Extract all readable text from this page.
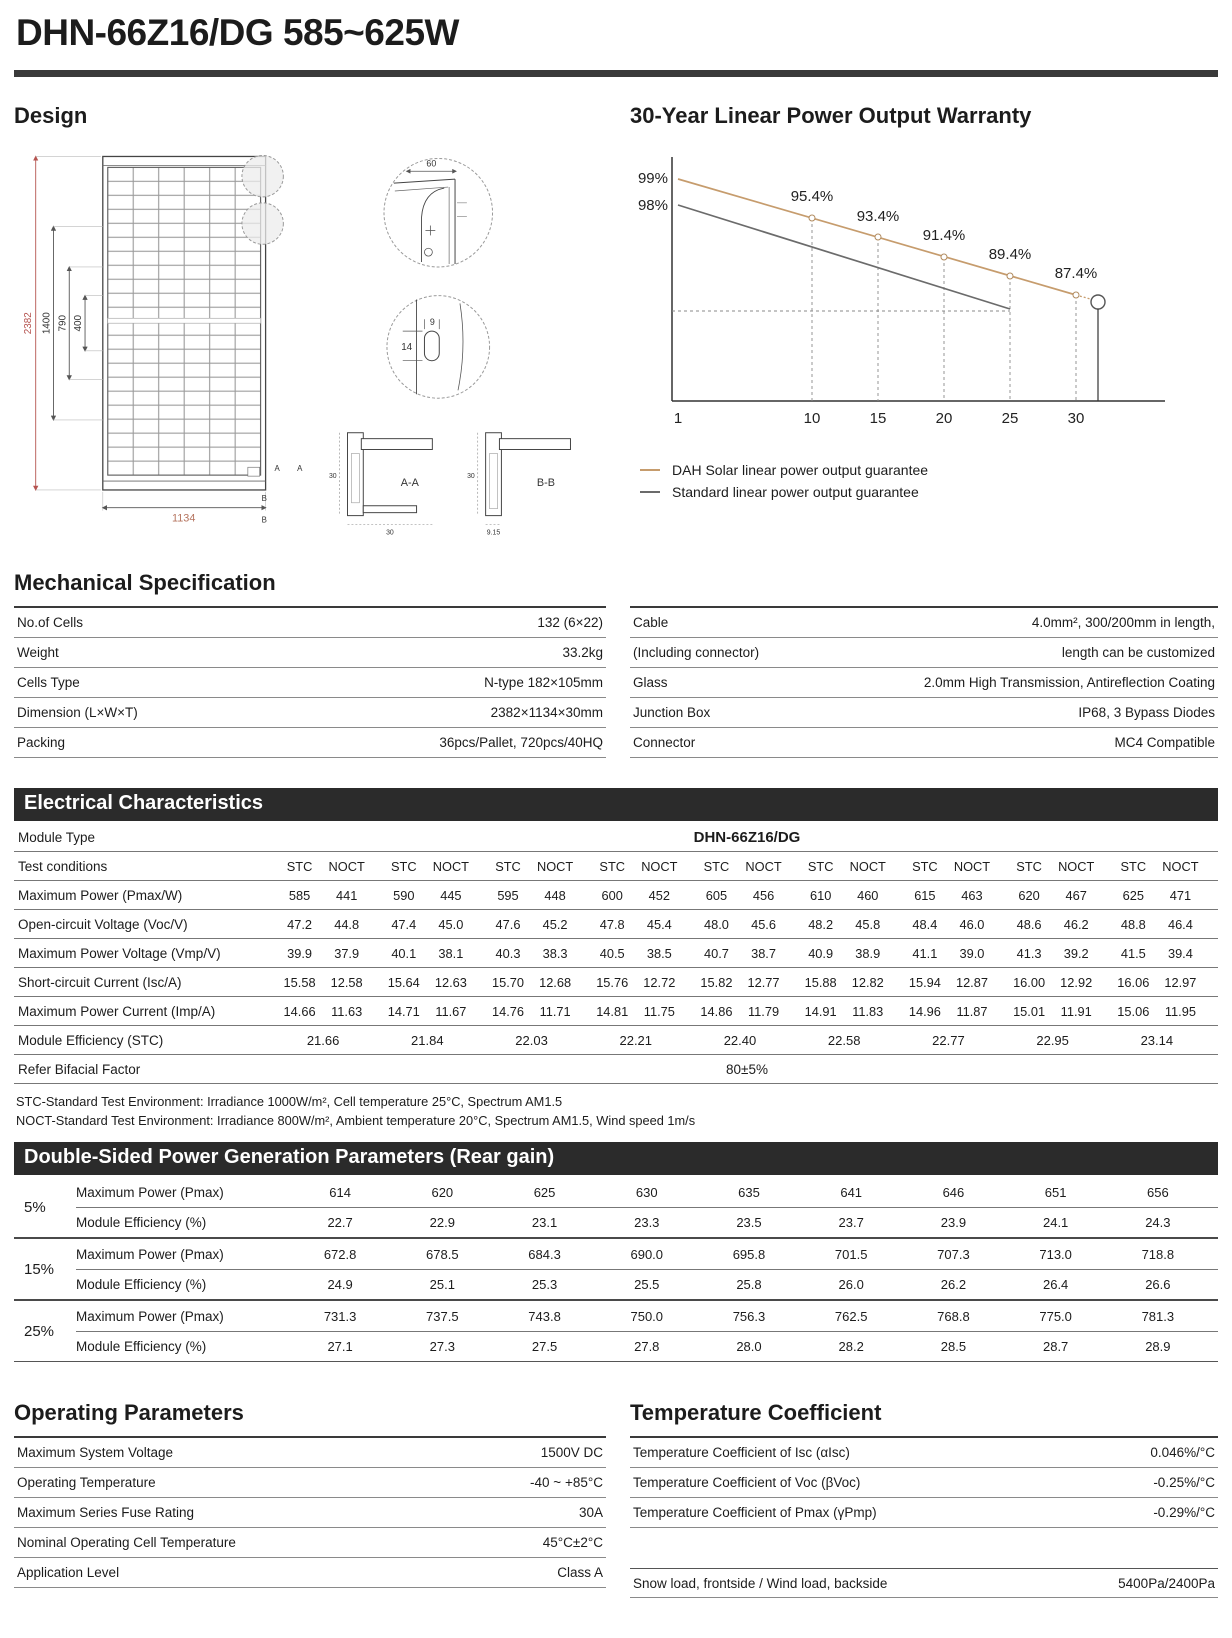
DHN-66Z16/DG 585~625W
Design
2382 1400 790 400
1134
A A
B
B
60
9
14
A-A
30
30
B-B
30
9.15
30-Year Linear Power Output Warranty
99%
98%
95.4%
93.4%
91.4%
89.4%
87.4%
1	10	15	20	25	30
DAH Solar linear power output guarantee
Standard linear power output guarantee
Mechanical Specification
No.of Cells	132 (6×22)
Weight	33.2kg
Cells Type	N-type 182×105mm
Dimension (L×W×T)	2382×1134×30mm
Packing	36pcs/Pallet, 720pcs/40HQ
Cable	4.0mm², 300/200mm in length,
(Including connector)	length can be customized
Glass	2.0mm High Transmission, Antireflection Coating
Junction Box	IP68, 3 Bypass Diodes
Connector	MC4 Compatible
Electrical Characteristics
Module Type	DHN-66Z16/DG
Test conditions	STC	NOCT	STC	NOCT	STC	NOCT	STC	NOCT	STC	NOCT	STC	NOCT	STC	NOCT	STC	NOCT	STC	NOCT
Maximum Power (Pmax/W)	585	441	590	445	595	448	600	452	605	456	610	460	615	463	620	467	625	471
Open-circuit Voltage (Voc/V)	47.2	44.8	47.4	45.0	47.6	45.2	47.8	45.4	48.0	45.6	48.2	45.8	48.4	46.0	48.6	46.2	48.8	46.4
Maximum Power Voltage (Vmp/V)	39.9	37.9	40.1	38.1	40.3	38.3	40.5	38.5	40.7	38.7	40.9	38.9	41.1	39.0	41.3	39.2	41.5	39.4
Short-circuit Current (Isc/A)	15.58	12.58	15.64	12.63	15.70	12.68	15.76	12.72	15.82	12.77	15.88	12.82	15.94	12.87	16.00	12.92	16.06	12.97
Maximum Power Current (Imp/A)	14.66	11.63	14.71	11.67	14.76	11.71	14.81	11.75	14.86	11.79	14.91	11.83	14.96	11.87	15.01	11.91	15.06	11.95
Module Efficiency (STC)	21.66	21.84	22.03	22.21	22.40	22.58	22.77	22.95	23.14
Refer Bifacial Factor	80±5%
STC-Standard Test Environment: Irradiance 1000W/m², Cell temperature 25°C, Spectrum AM1.5
NOCT-Standard Test Environment: Irradiance 800W/m², Ambient temperature 20°C, Spectrum AM1.5, Wind speed 1m/s
Double-Sided Power Generation Parameters (Rear gain)
5%
Maximum Power (Pmax)	614	620	625	630	635	641	646	651	656
Module Efficiency (%)	22.7	22.9	23.1	23.3	23.5	23.7	23.9	24.1	24.3
15%
Maximum Power (Pmax)	672.8	678.5	684.3	690.0	695.8	701.5	707.3	713.0	718.8
Module Efficiency (%)	24.9	25.1	25.3	25.5	25.8	26.0	26.2	26.4	26.6
25%
Maximum Power (Pmax)	731.3	737.5	743.8	750.0	756.3	762.5	768.8	775.0	781.3
Module Efficiency (%)	27.1	27.3	27.5	27.8	28.0	28.2	28.5	28.7	28.9
Operating Parameters
Maximum System Voltage	1500V DC
Operating Temperature	-40 ~ +85°C
Maximum Series Fuse Rating	30A
Nominal Operating Cell Temperature	45°C±2°C
Application Level	Class A
Temperature Coefficient
Temperature Coefficient of Isc (αIsc)	0.046%/°C
Temperature Coefficient of Voc (βVoc)	-0.25%/°C
Temperature Coefficient of Pmax (γPmp)	-0.29%/°C
Snow load, frontside / Wind load, backside	5400Pa/2400Pa
